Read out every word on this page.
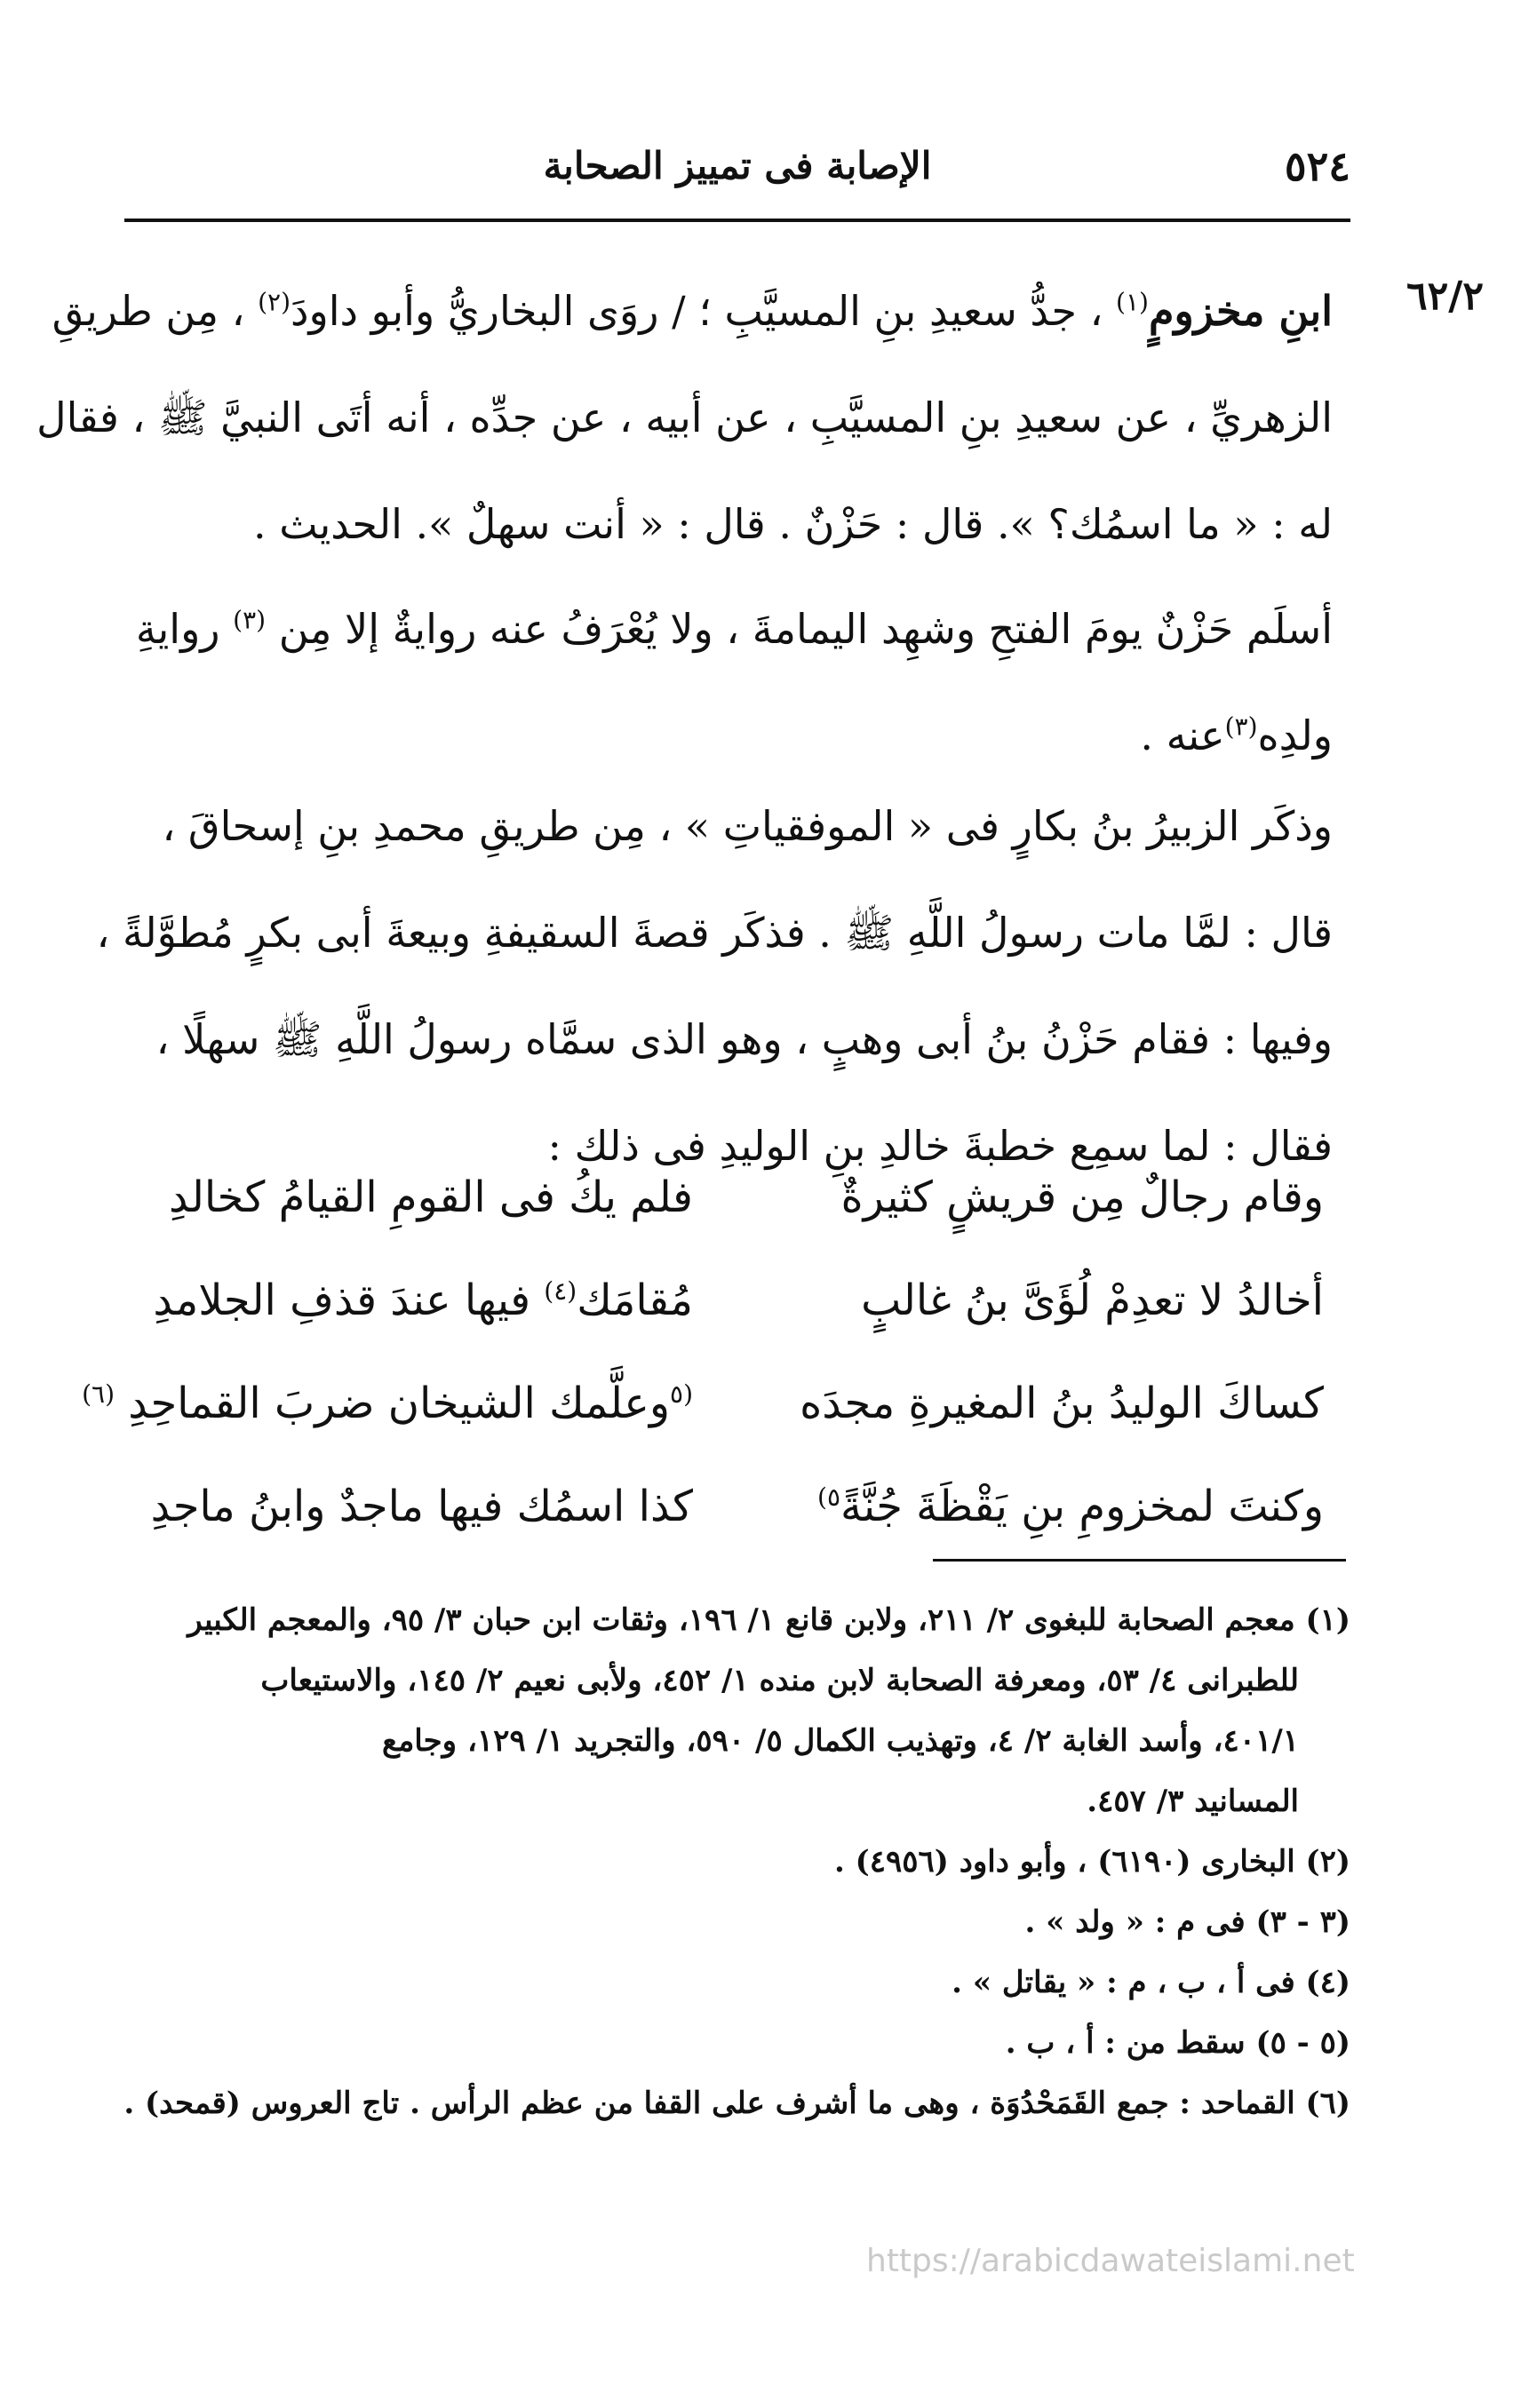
٥٢٤
الإصابة فى تمييز الصحابة
٦٢/٢
ابنِ مخزومٍ$^{(١)}$ ، جدُّ سعيدِ بنِ المسيَّبِ ؛ / روَى البخاريُّ وأبو داودَ$^{(٢)}$ ، مِن طريقِ
الزهريِّ ، عن سعيدِ بنِ المسيَّبِ ، عن أبيه ، عن جدِّه ، أنه أتَى النبيَّ ﷺ ، فقال
له : « ما اسمُك؟ ». قال : حَزْنٌ . قال : « أنت سهلٌ ». الحديث .
أسلَم حَزْنٌ يومَ الفتحِ وشهِد اليمامةَ ، ولا يُعْرَفُ عنه روايةٌ إلا مِن $^{(٣)}$ روايةِ
ولدِه$^{(٣)}$عنه .
وذكَر الزبيرُ بنُ بكارٍ فى « الموفقياتِ » ، مِن طريقِ محمدِ بنِ إسحاقَ ،
قال : لمَّا مات رسولُ اللَّهِ ﷺ . فذكَر قصةَ السقيفةِ وبيعةَ أبى بكرٍ مُطوَّلةً ،
وفيها : فقام حَزْنُ بنُ أبى وهبٍ ، وهو الذى سمَّاه رسولُ اللَّهِ ﷺ سهلًا ،
فقال : لما سمِع خطبةَ خالدِ بنِ الوليدِ فى ذلك :
وقام رجالٌ مِن قريشٍ كثيرةٌ
فلم يكُ فى القومِ القيامُ كخالدِ
أخالدُ لا تعدِمْ لُؤَىَّ بنُ غالبٍ
مُقامَك$^{(٤)}$ فيها عندَ قذفِ الجلامدِ
كساكَ الوليدُ بنُ المغيرةِ مجدَه
$^{(٥}$وعلَّمك الشيخان ضربَ القماحِدِ $^{(٦)}$
وكنتَ لمخزومِ بنِ يَقْظَةَ جُنَّةً$^{٥)}$
كذا اسمُك فيها ماجدٌ وابنُ ماجدِ
(١) معجم الصحابة للبغوى ٢/ ٢١١، ولابن قانع ١/ ١٩٦، وثقات ابن حبان ٣/ ٩٥، والمعجم الكبير
للطبرانى ٤/ ٥٣، ومعرفة الصحابة لابن منده ١/ ٤٥٢، ولأبى نعيم ٢/ ١٤٥، والاستيعاب
٤٠١/١، وأسد الغابة ٢/ ٤، وتهذيب الكمال ٥/ ٥٩٠، والتجريد ١/ ١٢٩، وجامع
المسانيد ٣/ ٤٥٧.
(٢) البخارى (٦١٩٠) ، وأبو داود (٤٩٥٦) .
(٣ - ٣) فى م : « ولد » .
(٤) فى أ ، ب ، م : « يقاتل » .
(٥ - ٥) سقط من : أ ، ب .
(٦) القماحد : جمع القَمَحْدُوَة ، وهى ما أشرف على القفا من عظم الرأس . تاج العروس (قمحد) .
https://arabicdawateislami.net
